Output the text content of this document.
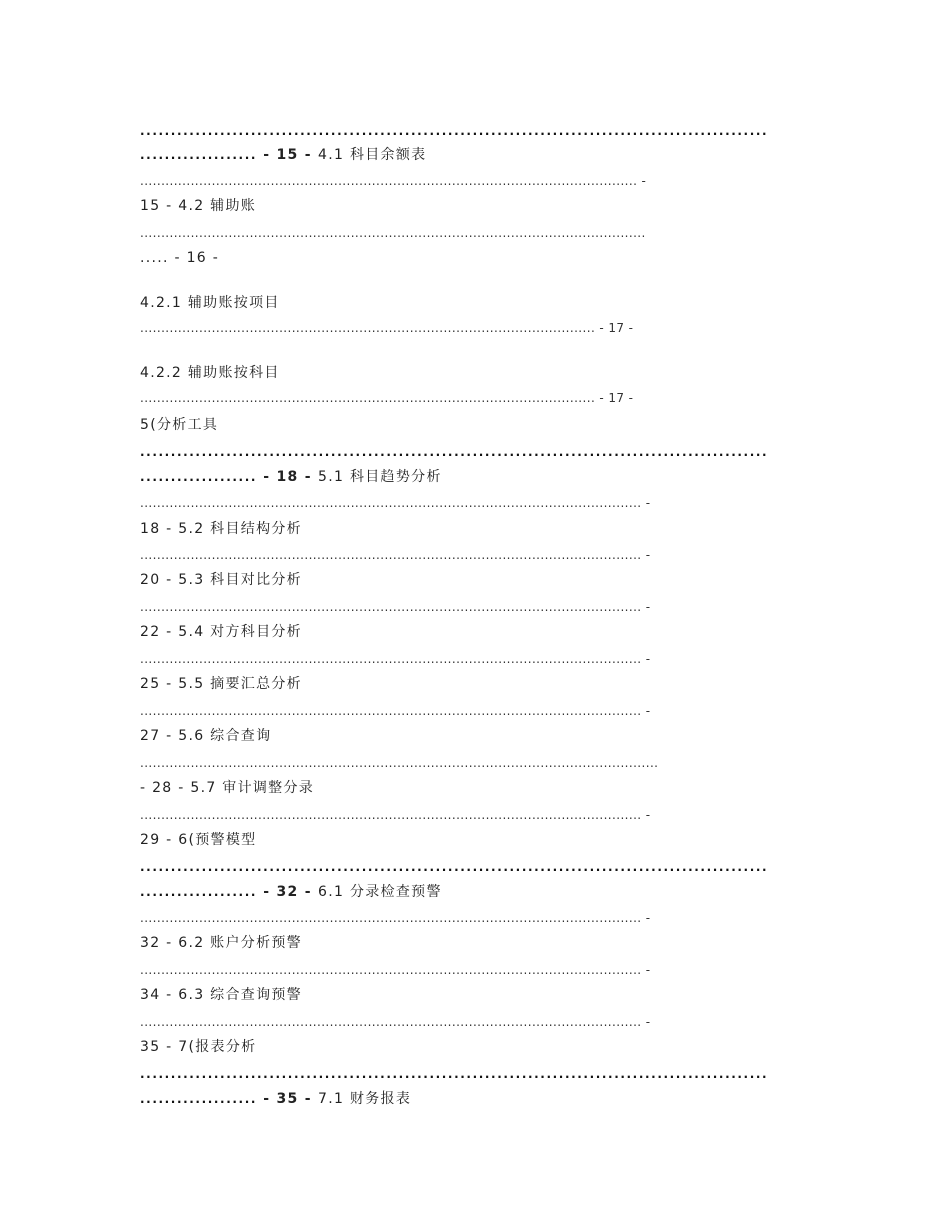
......................................................................................................
................... - 15 - 4.1 科目余额表
...................................................................................................................... -
15 - 4.2 辅助账
........................................................................................................................
..... - 16 -
4.2.1 辅助账按项目
............................................................................................................ - 17 -
4.2.2 辅助账按科目
............................................................................................................ - 17 -
5(分析工具
......................................................................................................
................... - 18 - 5.1 科目趋势分析
....................................................................................................................... -
18 - 5.2 科目结构分析
....................................................................................................................... -
20 - 5.3 科目对比分析
....................................................................................................................... -
22 - 5.4 对方科目分析
....................................................................................................................... -
25 - 5.5 摘要汇总分析
....................................................................................................................... -
27 - 5.6 综合查询
...........................................................................................................................
- 28 - 5.7 审计调整分录
....................................................................................................................... -
29 - 6(预警模型
......................................................................................................
................... - 32 - 6.1 分录检查预警
....................................................................................................................... -
32 - 6.2 账户分析预警
....................................................................................................................... -
34 - 6.3 综合查询预警
....................................................................................................................... -
35 - 7(报表分析
......................................................................................................
................... - 35 - 7.1 财务报表
